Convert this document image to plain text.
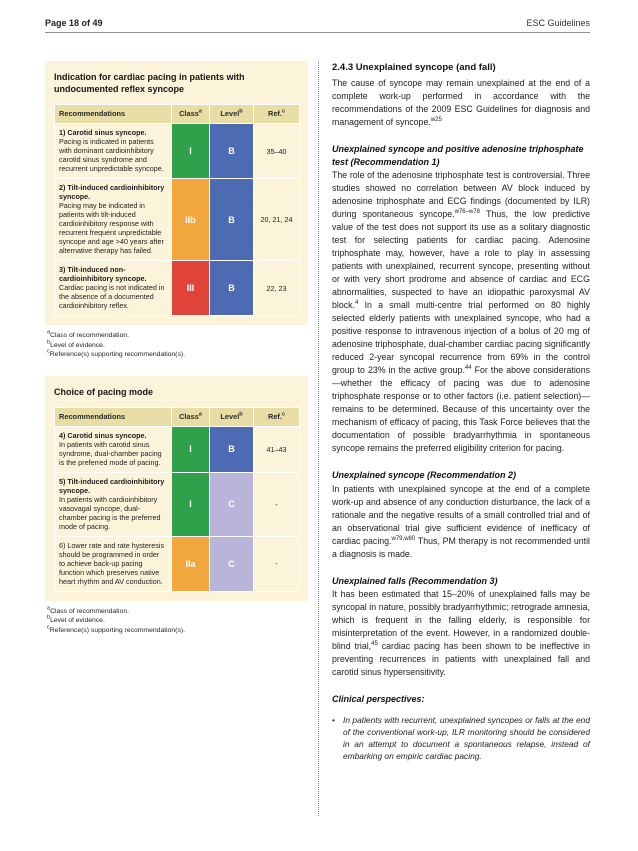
Page 18 of 49	ESC Guidelines
Indication for cardiac pacing in patients with undocumented reflex syncope
Recommendations	Class$^a$	Level$^b$	Ref.$^c$

1) Carotid sinus syncope.
Pacing is indicated in patients with dominant cardioinhibitory carotid sinus syndrome and recurrent unpredictable syncope.	I	B	35–40

2) Tilt-induced cardioinhibitory syncope.
Pacing may be indicated in patients with tilt-induced cardioinhibitory response with recurrent frequent unpredictable syncope and age >40 years after alternative therapy has failed.	IIb	B	20, 21, 24

3) Tilt-induced non-cardioinhibitory syncope.
Cardiac pacing is not indicated in the absence of a documented cardioinhibitory reflex.	III	B	22, 23
$^a$Class of recommendation.
$^b$Level of evidence.
$^c$Reference(s) supporting recommendation(s).
Choice of pacing mode
Recommendations	Class$^a$	Level$^b$	Ref.$^c$

4) Carotid sinus syncope.
In patients with carotid sinus syndrome, dual-chamber pacing is the preferred mode of pacing.	I	B	41–43

5) Tilt-induced cardioinhibitory syncope.
In patients with cardioinhibitory vasovagal syncope, dual-chamber pacing is the preferred mode of pacing.	I	C	-

6) Lower rate and rate hysteresis should be programmed in order to achieve back-up pacing function which preserves native heart rhythm and AV conduction.	IIa	C	-
$^a$Class of recommendation.
$^b$Level of evidence.
$^c$Reference(s) supporting recommendation(s).
2.4.3 Unexplained syncope (and fall)

The cause of syncope may remain unexplained at the end of a complete work-up performed in accordance with the recommendations of the 2009 ESC Guidelines for diagnosis and management of syncope.$^{w25}$

Unexplained syncope and positive adenosine triphosphate test (Recommendation 1)

The role of the adenosine triphosphate test is controversial. Three studies showed no correlation between AV block induced by adenosine triphosphate and ECG findings (documented by ILR) during spontaneous syncope.$^{w76-w78}$ Thus, the low predictive value of the test does not support its use as a solitary diagnostic test for selecting patients for cardiac pacing. Adenosine triphosphate may, however, have a role to play in assessing patients with unexplained, recurrent syncope, presenting without or with very short prodrome and absence of cardiac and ECG abnormalities, suspected to have an idiopathic paroxysmal AV block.$^4$ In a small multi-centre trial performed on 80 highly selected elderly patients with unexplained syncope, who had a positive response to intravenous injection of a bolus of 20 mg of adenosine triphosphate, dual-chamber cardiac pacing significantly reduced 2-year syncopal recurrence from 69% in the control group to 23% in the active group.$^{44}$ For the above considerations—whether the efficacy of pacing was due to adenosine triphosphate response or to other factors (i.e. patient selection)—remains to be determined. Because of this uncertainty over the mechanism of efficacy of pacing, this Task Force believes that the documentation of possible bradyarrhythmia in spontaneous syncope remains the preferred eligibility criterion for pacing.

Unexplained syncope (Recommendation 2)

In patients with unexplained syncope at the end of a complete work-up and absence of any conduction disturbance, the lack of a rationale and the negative results of a small controlled trial and of an observational trial give sufficient evidence of inefficacy of cardiac pacing.$^{w79,w80}$ Thus, PM therapy is not recommended until a diagnosis is made.

Unexplained falls (Recommendation 3)

It has been estimated that 15–20% of unexplained falls may be syncopal in nature, possibly bradyarrhythmic; retrograde amnesia, which is frequent in the falling elderly, is responsible for misinterpretation of the event. However, in a randomized double-blind trial,$^{45}$ cardiac pacing has been shown to be ineffective in preventing recurrences in patients with unexplained fall and carotid sinus hypersensitivity.

Clinical perspectives:
• In patients with recurrent, unexplained syncopes or falls at the end of the conventional work-up, ILR monitoring should be considered in an attempt to document a spontaneous relapse, instead of embarking on empiric cardiac pacing.
